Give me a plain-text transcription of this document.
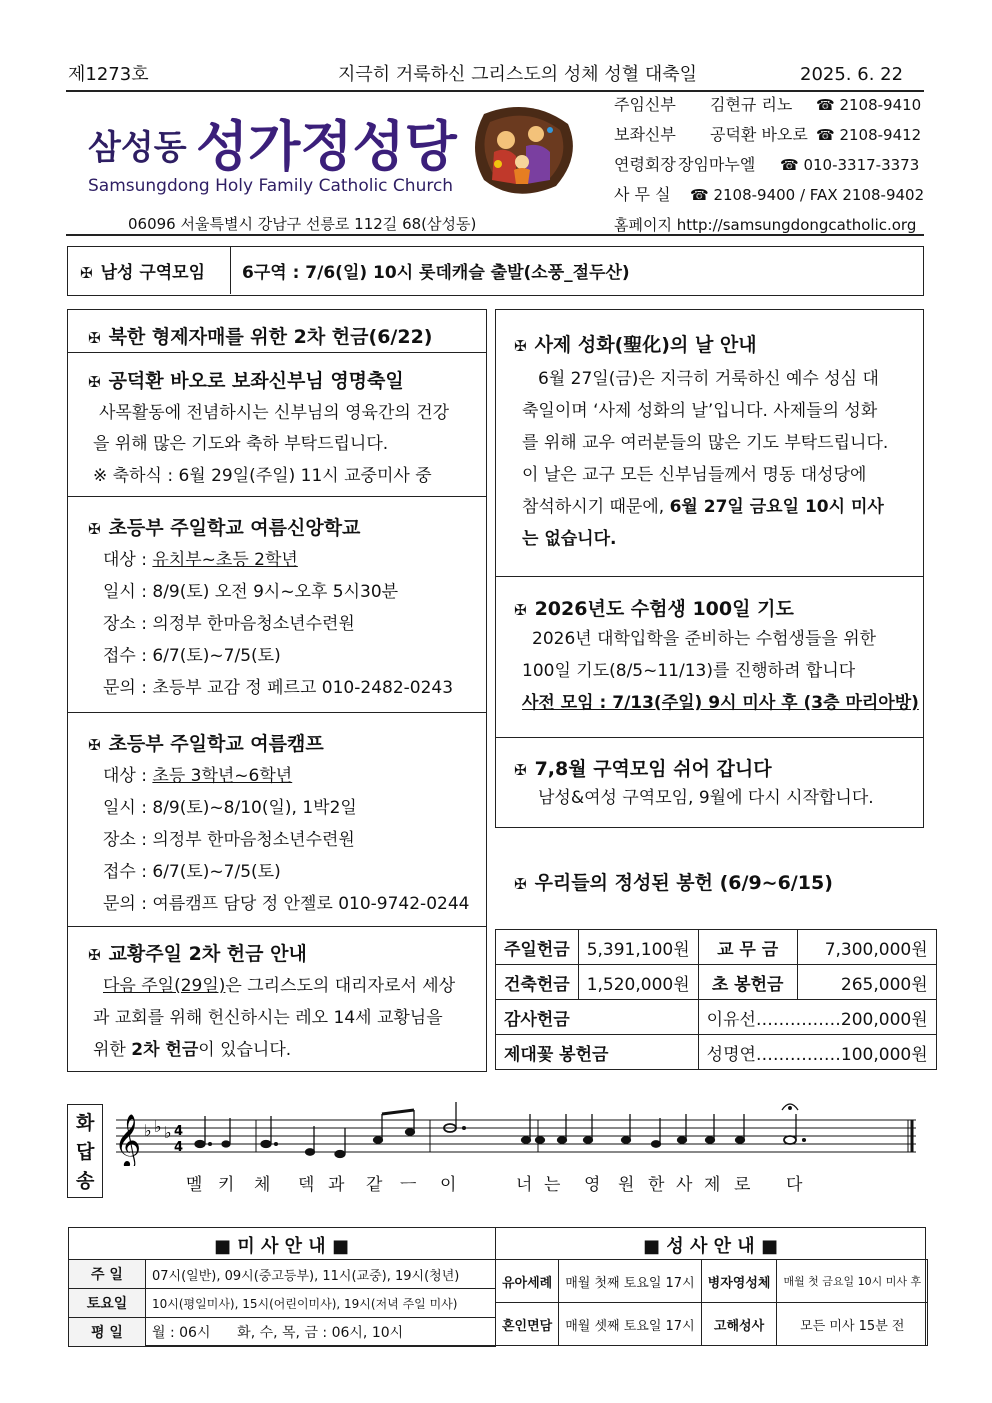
제1273호	지극히 거룩하신 그리스도의 성체 성혈 대축일	2025. 6. 22
삼성동 성가정성당
Samsungdong Holy Family Catholic Church
주임신부 김현규 리노 ☎ 2108-9410
보좌신부 공덕환 바오로 ☎ 2108-9412
연령회장 장임마누엘 ☎ 010-3317-3373
사 무 실 ☎ 2108-9400 / FAX 2108-9402
홈페이지 http://samsungdongcatholic.org
06096 서울특별시 강남구 선릉로 112길 68(삼성동)
✠ 남성 구역모임 6구역 : 7/6(일) 10시 롯데캐슬 출발(소풍_절두산)
✠ 북한 형제자매를 위한 2차 헌금(6/22)
✠ 공덕환 바오로 보좌신부님 영명축일
사목활동에 전념하시는 신부님의 영육간의 건강
을 위해 많은 기도와 축하 부탁드립니다.
※ 축하식 : 6월 29일(주일) 11시 교중미사 중
✠ 초등부 주일학교 여름신앙학교
대상 : 유치부~초등 2학년
일시 : 8/9(토) 오전 9시~오후 5시30분
장소 : 의정부 한마음청소년수련원
접수 : 6/7(토)~7/5(토)
문의 : 초등부 교감 정 페르고 010-2482-0243
✠ 초등부 주일학교 여름캠프
대상 : 초등 3학년~6학년
일시 : 8/9(토)~8/10(일), 1박2일
장소 : 의정부 한마음청소년수련원
접수 : 6/7(토)~7/5(토)
문의 : 여름캠프 담당 정 안젤로 010-9742-0244
✠ 교황주일 2차 헌금 안내
다음 주일(29일)은 그리스도의 대리자로서 세상
과 교회를 위해 헌신하시는 레오 14세 교황님을
위한 2차 헌금이 있습니다.
✠ 사제 성화(聖化)의 날 안내
6월 27일(금)은 지극히 거룩하신 예수 성심 대
축일이며 ‘사제 성화의 날’입니다. 사제들의 성화
를 위해 교우 여러분들의 많은 기도 부탁드립니다.
이 날은 교구 모든 신부님들께서 명동 대성당에
참석하시기 때문에, 6월 27일 금요일 10시 미사
는 없습니다.
✠ 2026년도 수험생 100일 기도
2026년 대학입학을 준비하는 수험생들을 위한
100일 기도(8/5~11/13)를 진행하려 합니다
사전 모임 : 7/13(주일) 9시 미사 후 (3층 마리아방)
✠ 7,8월 구역모임 쉬어 갑니다
남성&여성 구역모임, 9월에 다시 시작합니다.
✠ 우리들의 정성된 봉헌 (6/9~6/15)
주일헌금	5,391,100원	교 무 금	7,300,000원
건축헌금	1,520,000원	초 봉헌금	265,000원
감사헌금		이유선……………200,000원	
제대꽃 봉헌금		성명연……………100,000원	
화
답
송
𝄞 ♭ ♭ ♭ 4
4
멜 키 체 덱 과 같 ㅡ 이	너 는 영 원 한 사 제 로 다
■ 미 사 안 내 ■	■ 성 사 안 내 ■
주 일	07시(일반), 09시(중고등부), 11시(교중), 19시(청년)
토요일	10시(평일미사), 15시(어린이미사), 19시(저녁 주일 미사)
평 일	월 : 06시      화, 수, 목, 금 : 06시, 10시
유아세례	매월 첫째 토요일 17시	병자영성체	매월 첫 금요일 10시 미사 후
혼인면담	매월 셋째 토요일 17시	고해성사	모든 미사 15분 전
